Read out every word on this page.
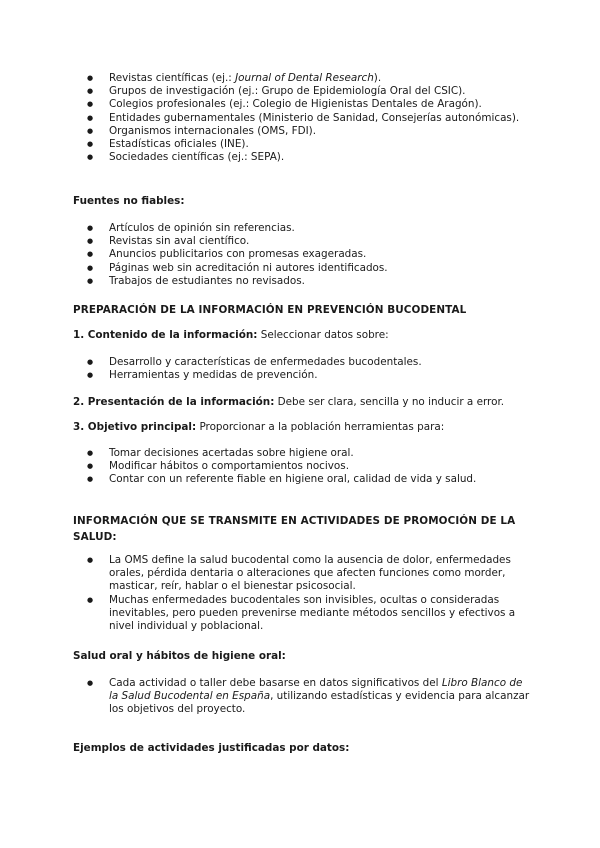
● Revistas científicas (ej.: Journal of Dental Research).
● Grupos de investigación (ej.: Grupo de Epidemiología Oral del CSIC).
● Colegios profesionales (ej.: Colegio de Higienistas Dentales de Aragón).
● Entidades gubernamentales (Ministerio de Sanidad, Consejerías autonómicas).
● Organismos internacionales (OMS, FDI).
● Estadísticas oficiales (INE).
● Sociedades científicas (ej.: SEPA).
Fuentes no fiables:
● Artículos de opinión sin referencias.
● Revistas sin aval científico.
● Anuncios publicitarios con promesas exageradas.
● Páginas web sin acreditación ni autores identificados.
● Trabajos de estudiantes no revisados.
PREPARACIÓN DE LA INFORMACIÓN EN PREVENCIÓN BUCODENTAL
1. Contenido de la información: Seleccionar datos sobre:
● Desarrollo y características de enfermedades bucodentales.
● Herramientas y medidas de prevención.
2. Presentación de la información: Debe ser clara, sencilla y no inducir a error.
3. Objetivo principal: Proporcionar a la población herramientas para:
● Tomar decisiones acertadas sobre higiene oral.
● Modificar hábitos o comportamientos nocivos.
● Contar con un referente fiable en higiene oral, calidad de vida y salud.
INFORMACIÓN QUE SE TRANSMITE EN ACTIVIDADES DE PROMOCIÓN DE LA SALUD:
● La OMS define la salud bucodental como la ausencia de dolor, enfermedades orales, pérdida dentaria o alteraciones que afecten funciones como morder, masticar, reír, hablar o el bienestar psicosocial.
● Muchas enfermedades bucodentales son invisibles, ocultas o consideradas inevitables, pero pueden prevenirse mediante métodos sencillos y efectivos a nivel individual y poblacional.
Salud oral y hábitos de higiene oral:
● Cada actividad o taller debe basarse en datos significativos del Libro Blanco de la Salud Bucodental en España, utilizando estadísticas y evidencia para alcanzar los objetivos del proyecto.
Ejemplos de actividades justificadas por datos:
